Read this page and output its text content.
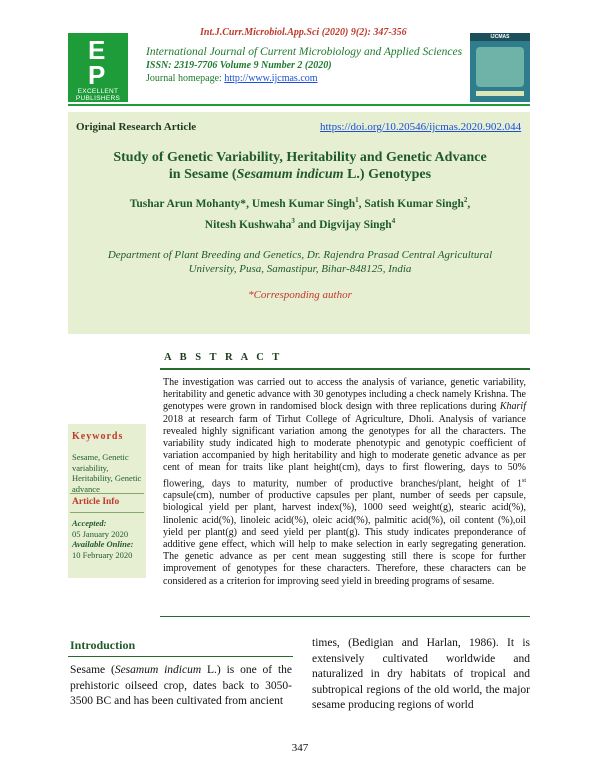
Int.J.Curr.Microbiol.App.Sci (2020) 9(2): 347-356
E
P
EXCELLENT
PUBLISHERS
International Journal of Current Microbiology and Applied Sciences
ISSN: 2319-7706 Volume 9 Number 2 (2020)
Journal homepage: http://www.ijcmas.com
IJCMAS
Original Research Article	https://doi.org/10.20546/ijcmas.2020.902.044
Study of Genetic Variability, Heritability and Genetic Advance
in Sesame (Sesamum indicum L.) Genotypes
Tushar Arun Mohanty*, Umesh Kumar Singh$^1$, Satish Kumar Singh$^2$,
Nitesh Kushwaha$^3$ and Digvijay Singh$^4$
Department of Plant Breeding and Genetics, Dr. Rajendra Prasad Central Agricultural
University, Pusa, Samastipur, Bihar-848125, India
*Corresponding author
A B S T R A C T
The investigation was carried out to access the analysis of variance, genetic variability, heritability and genetic advance with 30 genotypes including a check namely Krishna. The genotypes were grown in randomised block design with three replications during Kharif 2018 at research farm of Tirhut College of Agriculture, Dholi. Analysis of variance revealed highly significant variation among the genotypes for all the characters. The variability study indicated high to moderate phenotypic and genotypic coefficient of variation accompanied by high heritability and high to moderate genetic advance as per cent of mean for traits like plant height(cm), days to first flowering, days to 50% flowering, days to maturity, number of productive branches/plant, height of 1st capsule(cm), number of productive capsules per plant, number of seeds per capsule, biological yield per plant, harvest index(%), 1000 seed weight(g), stearic acid(%), linolenic acid(%), linoleic acid(%), oleic acid(%), palmitic acid(%), oil content (%),oil yield per plant(g) and seed yield per plant(g). This study indicates preponderance of additive gene effect, which will help to make selection in early segregating generation. The genetic advance as per cent mean suggesting still there is scope for further improvement of genotypes for these characters. Therefore, these characters can be considered as a criterion for improving seed yield in breeding programs of sesame.
Keywords
Sesame, Genetic variability, Heritability, Genetic advance
Article Info
Accepted:
05 January 2020
Available Online:
10 February 2020
Introduction
Sesame (Sesamum indicum L.) is one of the prehistoric oilseed crop, dates back to 3050-3500 BC and has been cultivated from ancient
times, (Bedigian and Harlan, 1986). It is extensively cultivated worldwide and naturalized in dry habitats of tropical and subtropical regions of the old world, the major sesame producing regions of world
347
